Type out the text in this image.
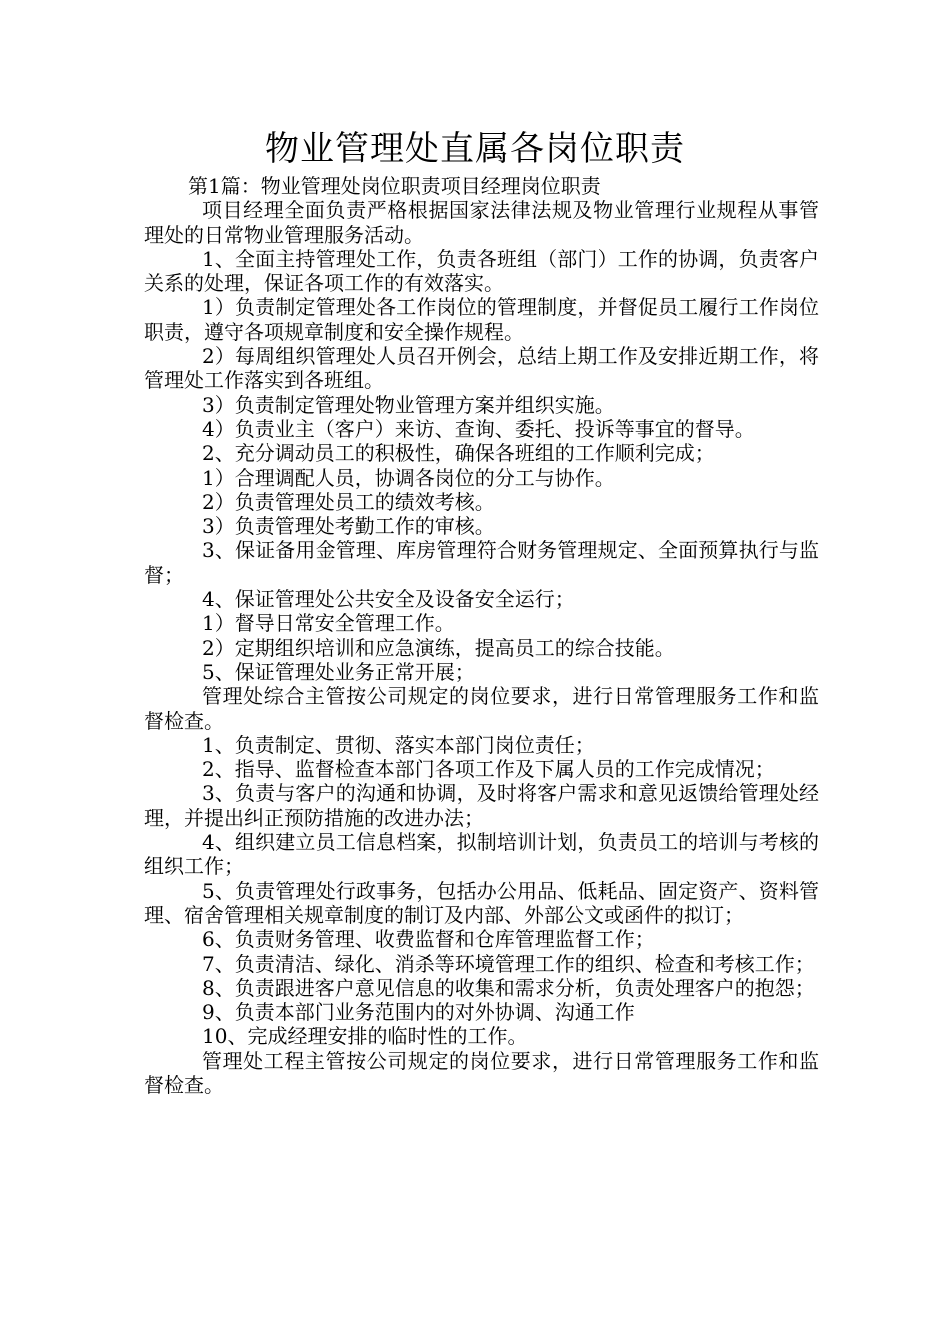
物业管理处直属各岗位职责

第1篇：物业管理处岗位职责项目经理岗位职责

项目经理全面负责严格根据国家法律法规及物业管理行业规程从事管理处的日常物业管理服务活动。

1、全面主持管理处工作，负责各班组（部门）工作的协调，负责客户关系的处理，保证各项工作的有效落实。

1）负责制定管理处各工作岗位的管理制度，并督促员工履行工作岗位职责，遵守各项规章制度和安全操作规程。

2）每周组织管理处人员召开例会，总结上期工作及安排近期工作，将管理处工作落实到各班组。

3）负责制定管理处物业管理方案并组织实施。

4）负责业主（客户）来访、查询、委托、投诉等事宜的督导。

2、充分调动员工的积极性，确保各班组的工作顺利完成；

1）合理调配人员，协调各岗位的分工与协作。

2）负责管理处员工的绩效考核。

3）负责管理处考勤工作的审核。

3、保证备用金管理、库房管理符合财务管理规定、全面预算执行与监督；

4、保证管理处公共安全及设备安全运行；

1）督导日常安全管理工作。

2）定期组织培训和应急演练，提高员工的综合技能。

5、保证管理处业务正常开展；

管理处综合主管按公司规定的岗位要求，进行日常管理服务工作和监督检查。

1、负责制定、贯彻、落实本部门岗位责任；

2、指导、监督检查本部门各项工作及下属人员的工作完成情况；

3、负责与客户的沟通和协调，及时将客户需求和意见返馈给管理处经理，并提出纠正预防措施的改进办法；

4、组织建立员工信息档案，拟制培训计划，负责员工的培训与考核的组织工作；

5、负责管理处行政事务，包括办公用品、低耗品、固定资产、资料管理、宿舍管理相关规章制度的制订及内部、外部公文或函件的拟订；

6、负责财务管理、收费监督和仓库管理监督工作；

7、负责清洁、绿化、消杀等环境管理工作的组织、检查和考核工作；

8、负责跟进客户意见信息的收集和需求分析，负责处理客户的抱怨；

9、负责本部门业务范围内的对外协调、沟通工作

10、完成经理安排的临时性的工作。

管理处工程主管按公司规定的岗位要求，进行日常管理服务工作和监督检查。
